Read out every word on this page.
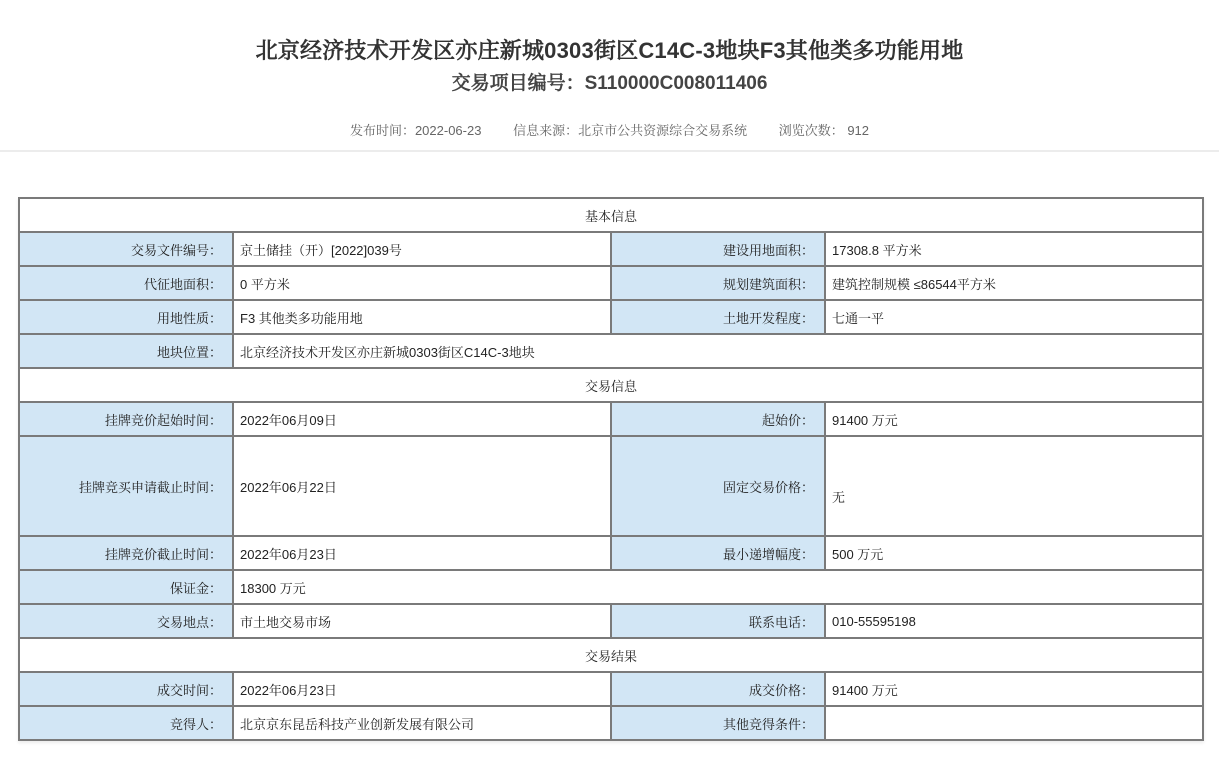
北京经济技术开发区亦庄新城0303街区C14C-3地块F3其他类多功能用地
交易项目编号：S110000C008011406
发布时间：2022-06-23 信息来源：北京市公共资源综合交易系统 浏览次数： 912
基本信息			
交易文件编号：	京土储挂（开）[2022]039号	建设用地面积：	17308.8 平方米
代征地面积：	0 平方米	规划建筑面积：	建筑控制规模 ≤86544平方米
用地性质：	F3 其他类多功能用地	土地开发程度：	七通一平
地块位置：	北京经济技术开发区亦庄新城0303街区C14C-3地块		
交易信息			
挂牌竞价起始时间：	2022年06月09日	起始价：	91400 万元
挂牌竞买申请截止时间：	2022年06月22日	固定交易价格：	无
挂牌竞价截止时间：	2022年06月23日	最小递增幅度：	500 万元
保证金：	18300 万元		
交易地点：	市土地交易市场	联系电话：	010-55595198
交易结果			
成交时间：	2022年06月23日	成交价格：	91400 万元
竞得人：	北京京东昆岳科技产业创新发展有限公司	其他竞得条件：	
